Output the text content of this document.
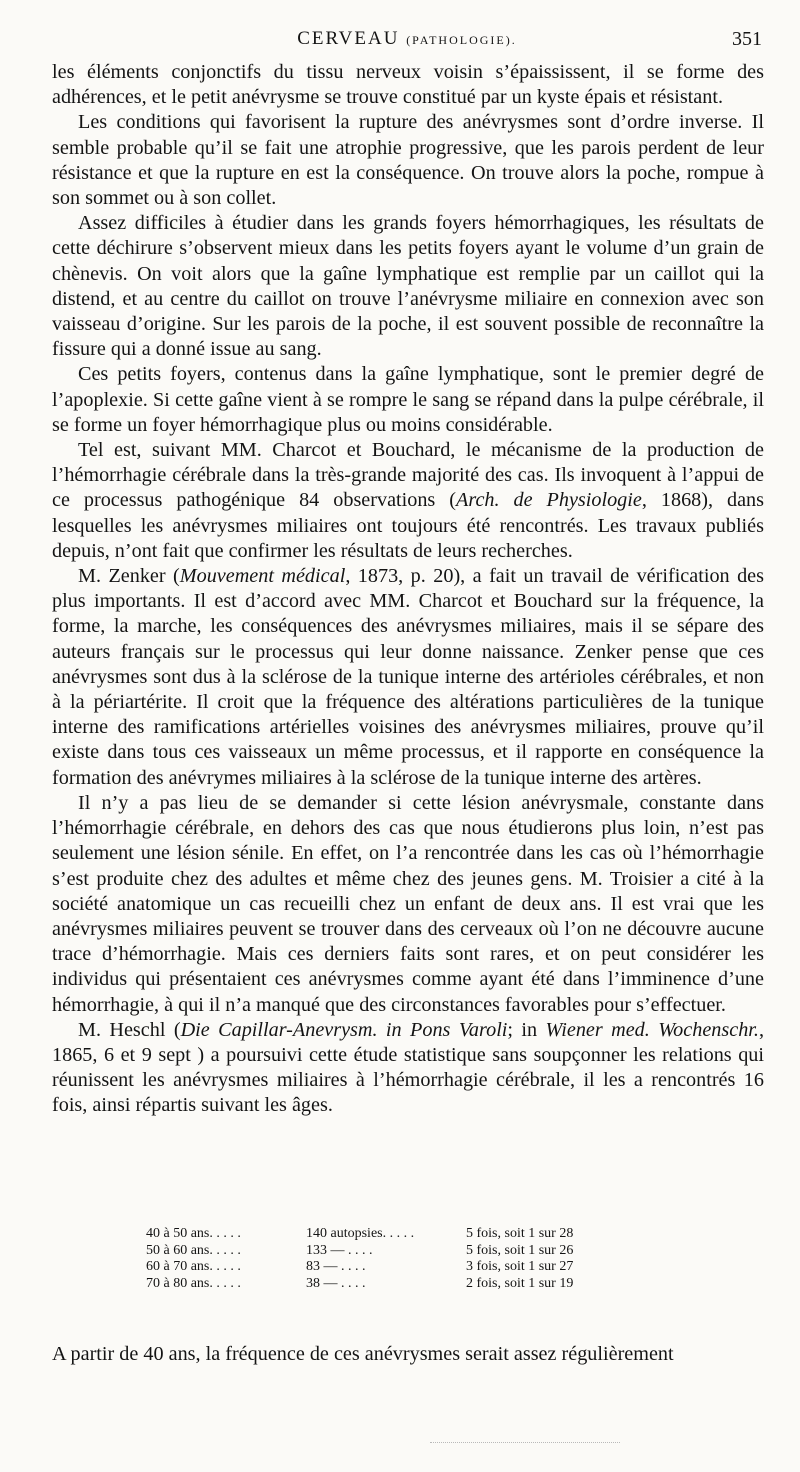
CERVEAU (PATHOLOGIE).	351

les éléments conjonctifs du tissu nerveux voisin s’épaississent, il se forme des adhérences, et le petit anévrysme se trouve constitué par un kyste épais et résistant.

Les conditions qui favorisent la rupture des anévrysmes sont d’ordre inverse. Il semble probable qu’il se fait une atrophie progressive, que les parois perdent de leur résistance et que la rupture en est la conséquence. On trouve alors la poche, rompue à son sommet ou à son collet.

Assez difficiles à étudier dans les grands foyers hémorrhagiques, les résultats de cette déchirure s’observent mieux dans les petits foyers ayant le volume d’un grain de chènevis. On voit alors que la gaîne lymphatique est remplie par un caillot qui la distend, et au centre du caillot on trouve l’anévrysme miliaire en connexion avec son vaisseau d’origine. Sur les parois de la poche, il est souvent possible de reconnaître la fissure qui a donné issue au sang.

Ces petits foyers, contenus dans la gaîne lymphatique, sont le premier degré de l’apoplexie. Si cette gaîne vient à se rompre le sang se répand dans la pulpe cérébrale, il se forme un foyer hémorrhagique plus ou moins considérable.

Tel est, suivant MM. Charcot et Bouchard, le mécanisme de la production de l’hémorrhagie cérébrale dans la très-grande majorité des cas. Ils invoquent à l’appui de ce processus pathogénique 84 observations (Arch. de Physiologie, 1868), dans lesquelles les anévrysmes miliaires ont toujours été rencontrés. Les travaux publiés depuis, n’ont fait que confirmer les résultats de leurs recherches.

M. Zenker (Mouvement médical, 1873, p. 20), a fait un travail de vérification des plus importants. Il est d’accord avec MM. Charcot et Bouchard sur la fréquence, la forme, la marche, les conséquences des anévrysmes miliaires, mais il se sépare des auteurs français sur le processus qui leur donne naissance. Zenker pense que ces anévrysmes sont dus à la sclérose de la tunique interne des artérioles cérébrales, et non à la périartérite. Il croit que la fréquence des altérations particulières de la tunique interne des ramifications artérielles voisines des anévrysmes miliaires, prouve qu’il existe dans tous ces vaisseaux un même processus, et il rapporte en conséquence la formation des anévrymes miliaires à la sclérose de la tunique interne des artères.

Il n’y a pas lieu de se demander si cette lésion anévrysmale, constante dans l’hémorrhagie cérébrale, en dehors des cas que nous étudierons plus loin, n’est pas seulement une lésion sénile. En effet, on l’a rencontrée dans les cas où l’hémorrhagie s’est produite chez des adultes et même chez des jeunes gens. M. Troisier a cité à la société anatomique un cas recueilli chez un enfant de deux ans. Il est vrai que les anévrysmes miliaires peuvent se trouver dans des cerveaux où l’on ne découvre aucune trace d’hémorrhagie. Mais ces derniers faits sont rares, et on peut considérer les individus qui présentaient ces anévrysmes comme ayant été dans l’imminence d’une hémorrhagie, à qui il n’a manqué que des circonstances favorables pour s’effectuer.

M. Heschl (Die Capillar-Anevrysm. in Pons Varoli; in Wiener med. Wochenschr., 1865, 6 et 9 sept ) a poursuivi cette étude statistique sans soupçonner les relations qui réunissent les anévrysmes miliaires à l’hémorrhagie cérébrale, il les a rencontrés 16 fois, ainsi répartis suivant les âges.

40 à 50 ans. . . . .	140 autopsies. . . . .	5 fois, soit 1 sur 28
50 à 60 ans. . . . .	133 — . . . .	5 fois, soit 1 sur 26
60 à 70 ans. . . . .	83 — . . . .	3 fois, soit 1 sur 27
70 à 80 ans. . . . .	38 — . . . .	2 fois, soit 1 sur 19

A partir de 40 ans, la fréquence de ces anévrysmes serait assez régulièrement
